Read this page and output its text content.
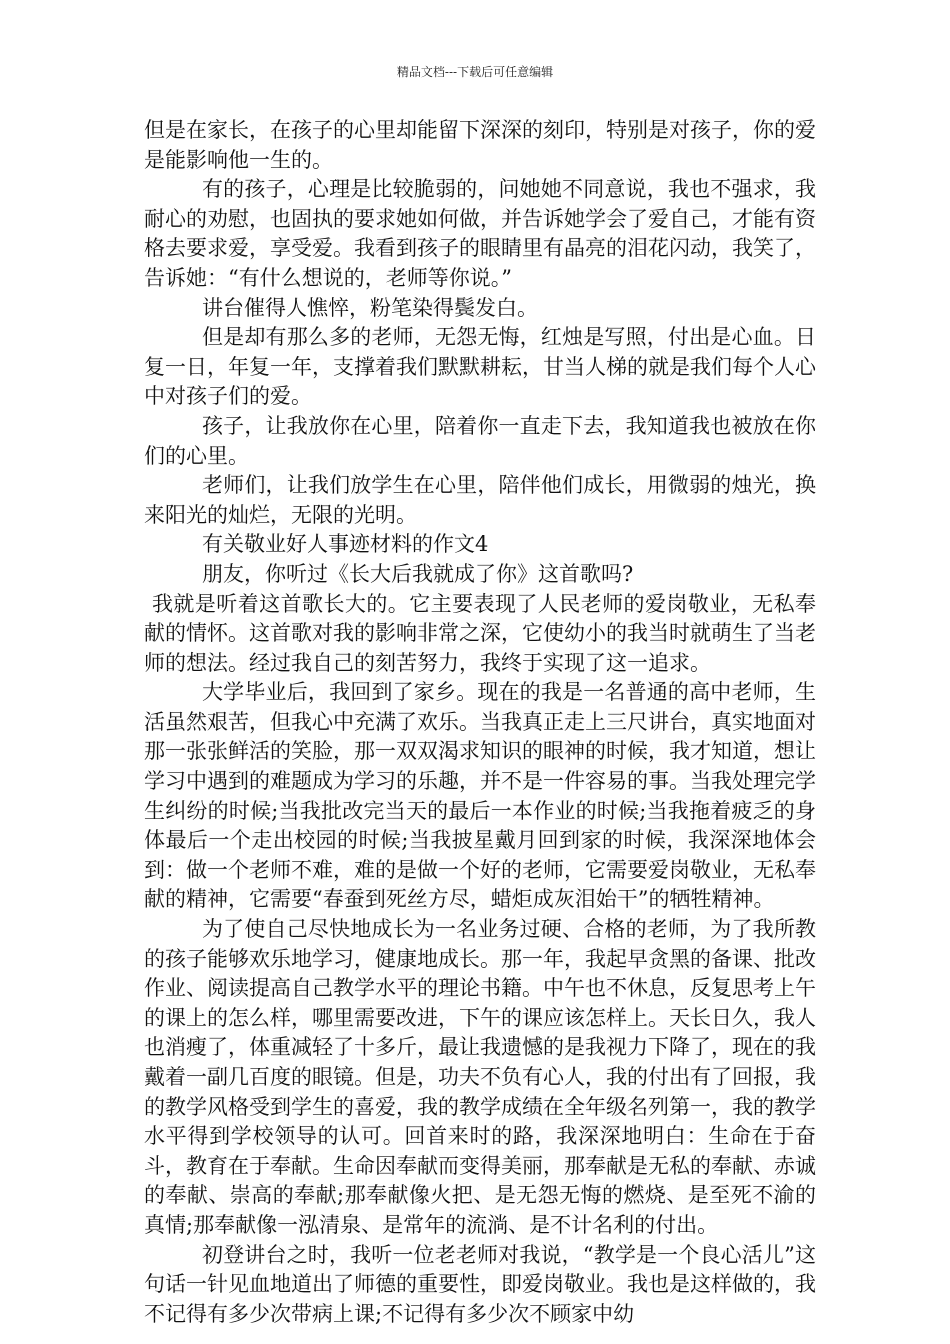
精品文档---下载后可任意编辑

但是在家长，在孩子的心里却能留下深深的刻印，特别是对孩子，你的爱是能影响他一生的。

有的孩子，心理是比较脆弱的，问她她不同意说，我也不强求，我耐心的劝慰，也固执的要求她如何做，并告诉她学会了爱自己，才能有资格去要求爱，享受爱。我看到孩子的眼睛里有晶亮的泪花闪动，我笑了，告诉她：“有什么想说的，老师等你说。”

讲台催得人憔悴，粉笔染得鬓发白。

但是却有那么多的老师，无怨无悔，红烛是写照，付出是心血。日复一日，年复一年，支撑着我们默默耕耘，甘当人梯的就是我们每个人心中对孩子们的爱。

孩子，让我放你在心里，陪着你一直走下去，我知道我也被放在你们的心里。

老师们，让我们放学生在心里，陪伴他们成长，用微弱的烛光，换来阳光的灿烂，无限的光明。

有关敬业好人事迹材料的作文4

朋友，你听过《长大后我就成了你》这首歌吗?

我就是听着这首歌长大的。它主要表现了人民老师的爱岗敬业，无私奉献的情怀。这首歌对我的影响非常之深，它使幼小的我当时就萌生了当老师的想法。经过我自己的刻苦努力，我终于实现了这一追求。

大学毕业后，我回到了家乡。现在的我是一名普通的高中老师，生活虽然艰苦，但我心中充满了欢乐。当我真正走上三尺讲台，真实地面对那一张张鲜活的笑脸，那一双双渴求知识的眼神的时候，我才知道，想让学习中遇到的难题成为学习的乐趣，并不是一件容易的事。当我处理完学生纠纷的时候;当我批改完当天的最后一本作业的时候;当我拖着疲乏的身体最后一个走出校园的时候;当我披星戴月回到家的时候，我深深地体会到：做一个老师不难，难的是做一个好的老师，它需要爱岗敬业，无私奉献的精神，它需要“春蚕到死丝方尽，蜡炬成灰泪始干”的牺牲精神。

为了使自己尽快地成长为一名业务过硬、合格的老师，为了我所教的孩子能够欢乐地学习，健康地成长。那一年，我起早贪黑的备课、批改作业、阅读提高自己教学水平的理论书籍。中午也不休息，反复思考上午的课上的怎么样，哪里需要改进，下午的课应该怎样上。天长日久，我人也消瘦了，体重减轻了十多斤，最让我遗憾的是我视力下降了，现在的我戴着一副几百度的眼镜。但是，功夫不负有心人，我的付出有了回报，我的教学风格受到学生的喜爱，我的教学成绩在全年级名列第一，我的教学水平得到学校领导的认可。回首来时的路，我深深地明白：生命在于奋斗，教育在于奉献。生命因奉献而变得美丽，那奉献是无私的奉献、赤诚的奉献、崇高的奉献;那奉献像火把、是无怨无悔的燃烧、是至死不渝的真情;那奉献像一泓清泉、是常年的流淌、是不计名利的付出。

初登讲台之时，我听一位老老师对我说，“教学是一个良心活儿”这句话一针见血地道出了师德的重要性，即爱岗敬业。我也是这样做的，我不记得有多少次带病上课;不记得有多少次不顾家中幼
